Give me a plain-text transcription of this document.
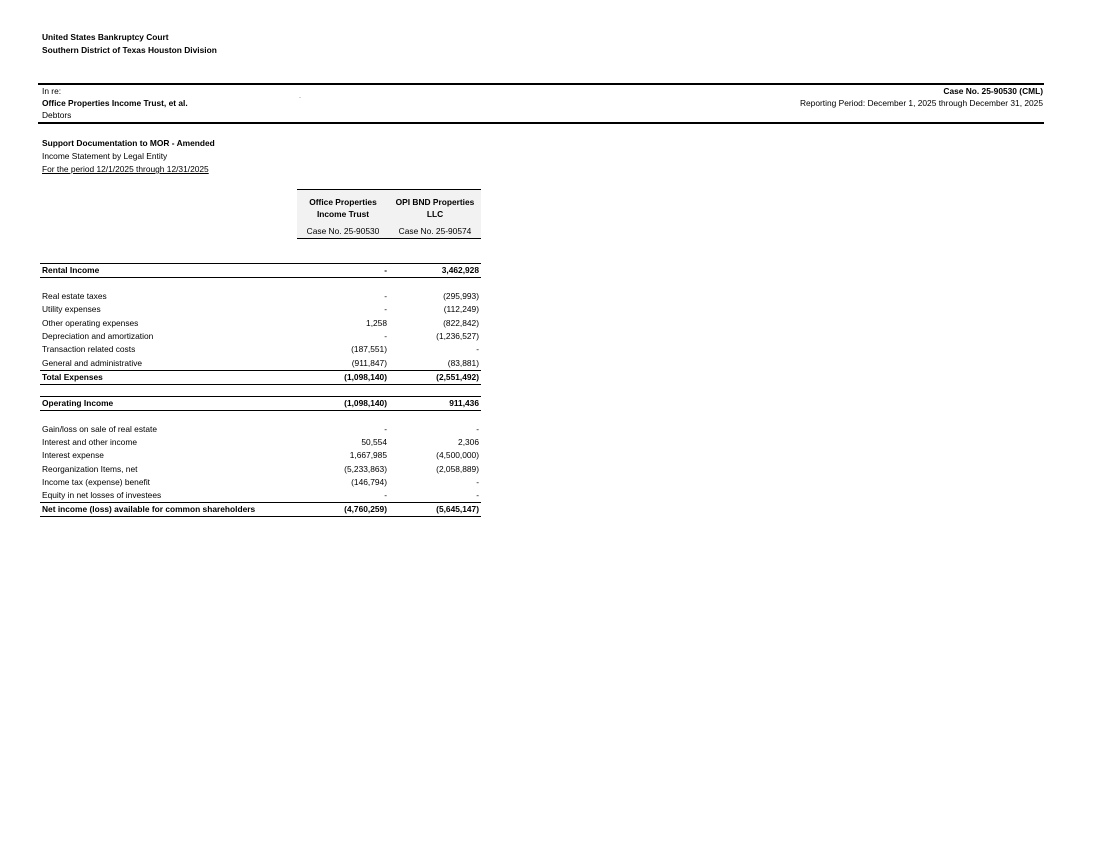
United States Bankruptcy Court
Southern District of Texas Houston Division
In re:
Office Properties Income Trust, et al.
Debtors
·
Case No. 25-90530 (CML)
Reporting Period: December 1, 2025 through December 31, 2025
Support Documentation to MOR - Amended
Income Statement by Legal Entity
For the period 12/1/2025 through 12/31/2025
Office Properties
Income Trust
OPI BND Properties
LLC
Case No. 25-90530	Case No. 25-90574
Rental Income	-	3,462,928
Real estate taxes	-	(295,993)
Utility expenses	-	(112,249)
Other operating expenses	1,258	(822,842)
Depreciation and amortization	-	(1,236,527)
Transaction related costs	(187,551)	-
General and administrative	(911,847)	(83,881)
Total Expenses	(1,098,140)	(2,551,492)
Operating Income	(1,098,140)	911,436
Gain/loss on sale of real estate	-	-
Interest and other income	50,554	2,306
Interest expense	1,667,985	(4,500,000)
Reorganization Items, net	(5,233,863)	(2,058,889)
Income tax (expense) benefit	(146,794)	-
Equity in net losses of investees	-	-
Net income (loss) available for common shareholders	(4,760,259)	(5,645,147)
